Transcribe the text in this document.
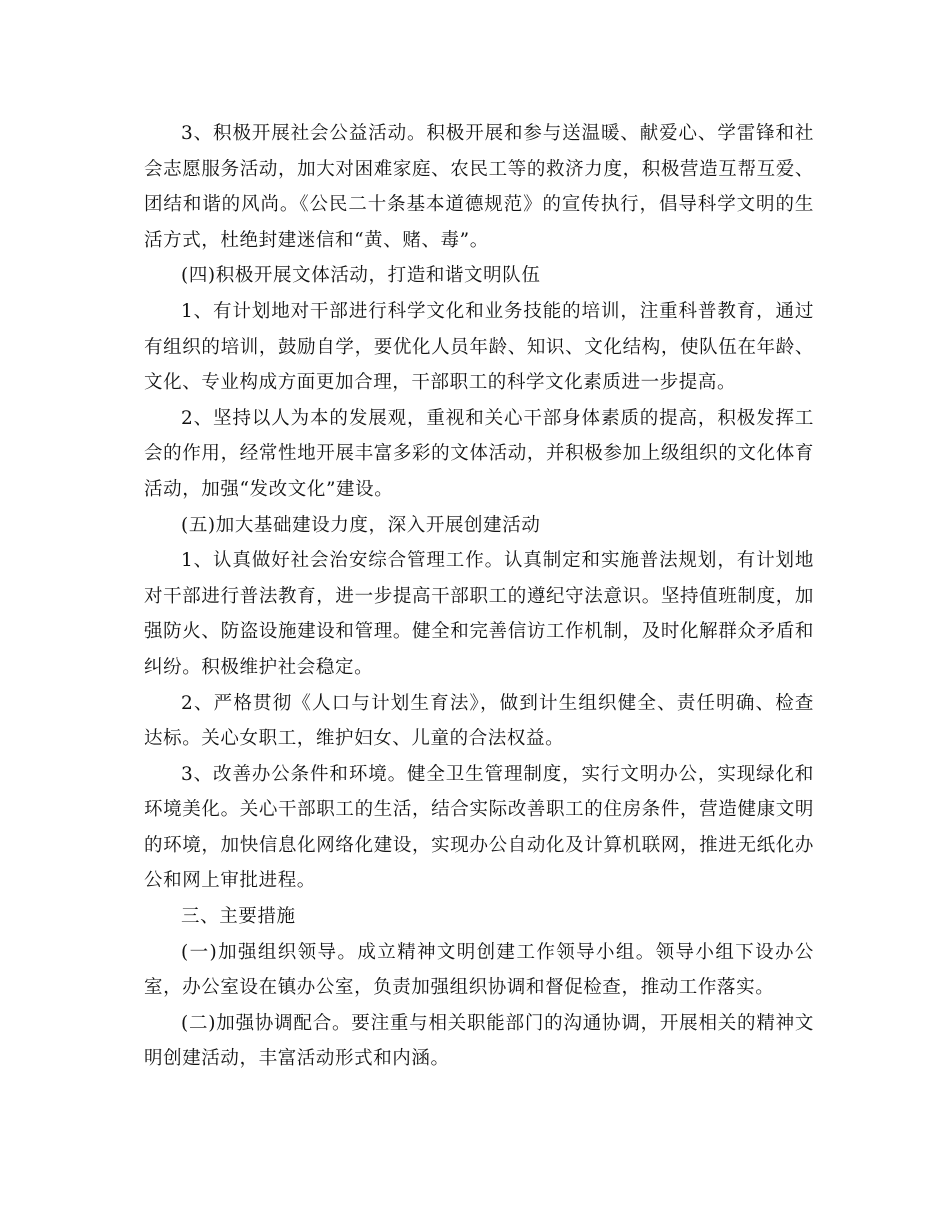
3、积极开展社会公益活动。积极开展和参与送温暖、献爱心、学雷锋和社会志愿服务活动，加大对困难家庭、农民工等的救济力度，积极营造互帮互爱、团结和谐的风尚。《公民二十条基本道德规范》的宣传执行，倡导科学文明的生活方式，杜绝封建迷信和“黄、赌、毒”。

(四)积极开展文体活动，打造和谐文明队伍

1、有计划地对干部进行科学文化和业务技能的培训，注重科普教育，通过有组织的培训，鼓励自学，要优化人员年龄、知识、文化结构，使队伍在年龄、文化、专业构成方面更加合理，干部职工的科学文化素质进一步提高。

2、坚持以人为本的发展观，重视和关心干部身体素质的提高，积极发挥工会的作用，经常性地开展丰富多彩的文体活动，并积极参加上级组织的文化体育活动，加强“发改文化”建设。

(五)加大基础建设力度，深入开展创建活动

1、认真做好社会治安综合管理工作。认真制定和实施普法规划，有计划地对干部进行普法教育，进一步提高干部职工的遵纪守法意识。坚持值班制度，加强防火、防盗设施建设和管理。健全和完善信访工作机制，及时化解群众矛盾和纠纷。积极维护社会稳定。

2、严格贯彻《人口与计划生育法》，做到计生组织健全、责任明确、检查达标。关心女职工，维护妇女、儿童的合法权益。

3、改善办公条件和环境。健全卫生管理制度，实行文明办公，实现绿化和环境美化。关心干部职工的生活，结合实际改善职工的住房条件，营造健康文明的环境，加快信息化网络化建设，实现办公自动化及计算机联网，推进无纸化办公和网上审批进程。

三、主要措施

(一)加强组织领导。成立精神文明创建工作领导小组。领导小组下设办公室，办公室设在镇办公室，负责加强组织协调和督促检查，推动工作落实。

(二)加强协调配合。要注重与相关职能部门的沟通协调，开展相关的精神文明创建活动，丰富活动形式和内涵。
